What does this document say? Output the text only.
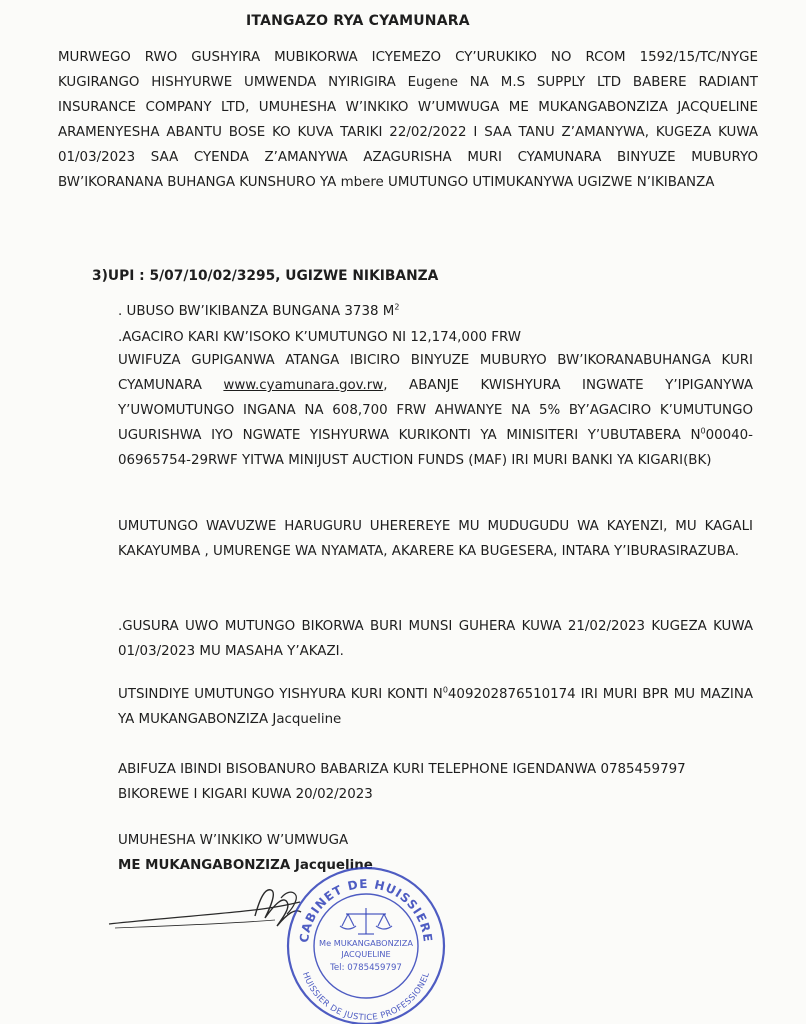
ITANGAZO RYA CYAMUNARA
MURWEGO RWO GUSHYIRA MUBIKORWA ICYEMEZO CY’URUKIKO NO RCOM 1592/15/TC/NYGE KUGIRANGO HISHYURWE UMWENDA NYIRIGIRA Eugene NA M.S SUPPLY LTD BABERE RADIANT INSURANCE COMPANY LTD, UMUHESHA W’INKIKO W’UMWUGA ME MUKANGABONZIZA JACQUELINE ARAMENYESHA ABANTU BOSE KO KUVA TARIKI 22/02/2022 I SAA TANU Z’AMANYWA, KUGEZA KUWA 01/03/2023 SAA CYENDA Z’AMANYWA AZAGURISHA MURI CYAMUNARA BINYUZE MUBURYO BW’IKORANANA BUHANGA KUNSHURO YA mbere UMUTUNGO UTIMUKANYWA UGIZWE N’IKIBANZA
3)UPI : 5/07/10/02/3295, UGIZWE NIKIBANZA
. UBUSO BW’IKIBANZA BUNGANA 3738 $M^2$
.AGACIRO KARI KW’ISOKO K’UMUTUNGO NI 12,174,000 FRW
UWIFUZA GUPIGANWA ATANGA IBICIRO BINYUZE MUBURYO BW’IKORANABUHANGA KURI CYAMUNARA www.cyamunara.gov.rw, ABANJE KWISHYURA INGWATE Y’IPIGANYWA Y’UWOMUTUNGO INGANA NA 608,700 FRW AHWANYE NA 5% BY’AGACIRO K’UMUTUNGO UGURISHWA IYO NGWATE YISHYURWA KURIKONTI YA MINISITERI Y’UBUTABERA $N^000040-06965754-29RWF$ YITWA MINIJUST AUCTION FUNDS (MAF) IRI MURI BANKI YA KIGARI(BK)
UMUTUNGO WAVUZWE HARUGURU UHEREREYE MU MUDUGUDU WA KAYENZI, MU KAGALI KAKAYUMBA , UMURENGE WA NYAMATA, AKARERE KA BUGESERA, INTARA Y’IBURASIRAZUBA.
.GUSURA UWO MUTUNGO BIKORWA BURI MUNSI GUHERA KUWA 21/02/2023 KUGEZA KUWA 01/03/2023 MU MASAHA Y’AKAZI.
UTSINDIYE UMUTUNGO YISHYURA KURI KONTI $N^0409202876510174$ IRI MURI BPR MU MAZINA YA MUKANGABONZIZA Jacqueline
ABIFUZA IBINDI BISOBANURO BABARIZA KURI TELEPHONE IGENDANWA 0785459797
BIKOREWE I KIGARI KUWA 20/02/2023
UMUHESHA W’INKIKO W’UMWUGA
ME MUKANGABONZIZA Jacqueline
CABINET DE HUISSIERE
HUISSIER DE JUSTICE PROFESSIONEL
Me MUKANGABONZIZA
JACQUELINE
Tel: 0785459797
